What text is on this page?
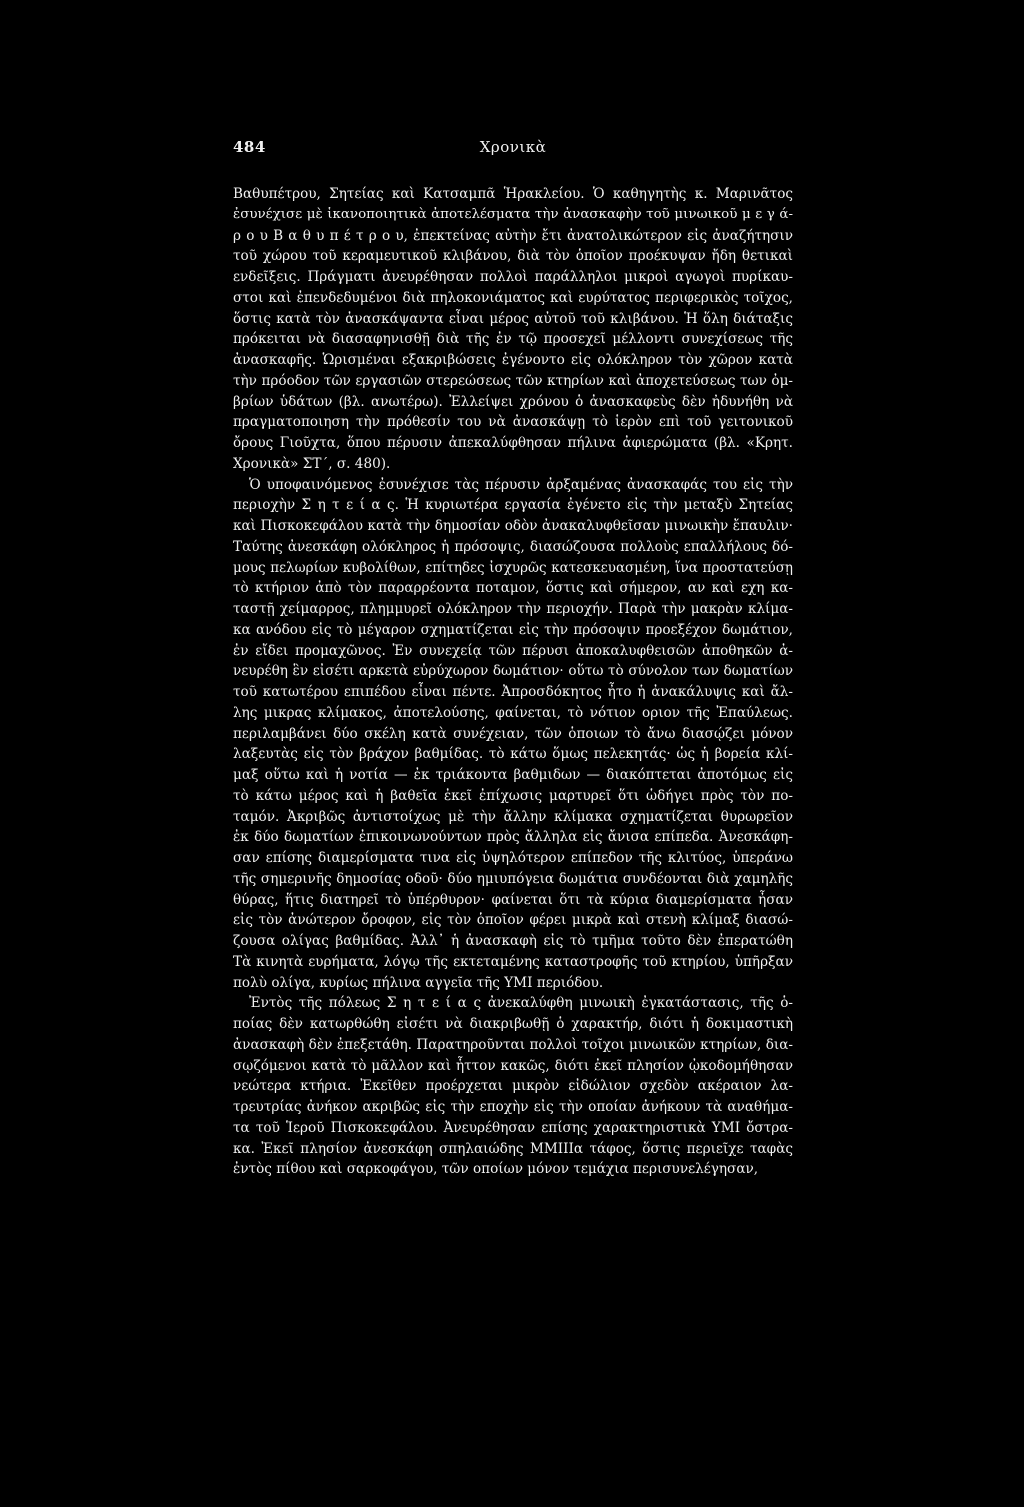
484	Χρονικὰ
Βαθυπέτρου, Σητείας καὶ Κατσαμπᾶ Ἡρακλείου. Ὁ καθηγητὴς κ. Μαρινᾶτος
ἐσυνέχισε μὲ ἱκανοποιητικὰ ἀποτελέσματα τὴν ἀνασκαφὴν τοῦ μινωικοῦ μ ε γ ά-
ρ ο υ Β α θ υ π έ τ ρ ο υ, ἐπεκτείνας αὐτὴν ἔτι ἀνατολικώτερον εἰς ἀναζήτησιν
τοῦ χώρου τοῦ κεραμευτικοῦ κλιβάνου, διὰ τὸν ὁποῖον προέκυψαν ἤδη θετικαὶ
ενδεῖξεις. Πράγματι ἀνευρέθησαν πολλοὶ παράλληλοι μικροὶ αγωγοὶ πυρίκαυ-
στοι καὶ ἐπενδεδυμένοι διὰ πηλοκονιάματος καὶ ευρύτατος περιφερικὸς τοῖχος,
ὅστις κατὰ τὸν ἀνασκάψαντα εἶναι μέρος αὐτοῦ τοῦ κλιβάνου. Ἡ ὅλη διάταξις
πρόκειται νὰ διασαφηνισθῇ διὰ τῆς ἐν τῷ προσεχεῖ μέλλοντι συνεχίσεως τῆς
ἀνασκαφῆς. Ὡρισμέναι εξακριβώσεις ἐγένοντο εἰς ολόκληρον τὸν χῶρον κατὰ
τὴν πρόοδον τῶν εργασιῶν στερεώσεως τῶν κτηρίων καὶ ἀποχετεύσεως των ὀμ-
βρίων ὑδάτων (βλ. ανωτέρω). Ἐλλείψει χρόνου ὁ ἀνασκαφεὺς δὲν ἠδυνήθη νὰ
πραγματοποιηση τὴν πρόθεσίν του νὰ ἀνασκάψῃ τὸ ἱερὸν επὶ τοῦ γειτονικοῦ
ὄρους Γιοῦχτα, ὅπου πέρυσιν ἀπεκαλύφθησαν πήλινα ἀφιερώματα (βλ. «Κρητ.
Χρονικὰ» ΣΤ΄, σ. 480).
Ὁ υποφαινόμενος ἐσυνέχισε τὰς πέρυσιν ἀρξαμένας ἀνασκαφάς του εἰς τὴν
περιοχὴν Σ η τ ε ί α ς. Ἡ κυριωτέρα εργασία ἐγένετο εἰς τὴν μεταξὺ Σητείας
καὶ Πισκοκεφάλου κατὰ τὴν δημοσίαν οδὸν ἀνακαλυφθεῖσαν μινωικὴν ἔπαυλιν·
Ταύτης ἀνεσκάφη ολόκληρος ἡ πρόσοψις, διασώζουσα πολλοὺς επαλλήλους δό-
μους πελωρίων κυβολίθων, επίτηδες ἰσχυρῶς κατεσκευασμένη, ἵνα προστατεύσῃ
τὸ κτήριον ἀπὸ τὸν παραρρέοντα ποταμον, ὅστις καὶ σήμερον, αν καὶ εχη κα-
ταστῇ χείμαρρος, πλημμυρεῖ ολόκληρον τὴν περιοχήν. Παρὰ τὴν μακρὰν κλίμα-
κα ανόδου εἰς τὸ μέγαρον σχηματίζεται εἰς τὴν πρόσοψιν προεξέχον δωμάτιον,
ἐν εἴδει προμαχῶνος. Ἐν συνεχείᾳ τῶν πέρυσι ἀποκαλυφθεισῶν ἀποθηκῶν ἀ-
νευρέθη ἓν εἰσέτι αρκετὰ εὐρύχωρον δωμάτιον· οὕτω τὸ σύνολον των δωματίων
τοῦ κατωτέρου επιπέδου εἶναι πέντε. Ἀπροσδόκητος ἦτο ἡ ἀνακάλυψις καὶ ἄλ-
λης μικρας κλίμακος, ἀποτελούσης, φαίνεται, τὸ νότιον οριον τῆς Ἐπαύλεως.
περιλαμβάνει δύο σκέλη κατὰ συνέχειαν, τῶν ὁποιων τὸ ἄνω διασῴζει μόνον
λαξευτὰς εἰς τὸν βράχον βαθμίδας. τὸ κάτω ὅμως πελεκητάς· ὡς ἡ βορεία κλί-
μαξ οὕτω καὶ ἡ νοτία — ἐκ τριάκοντα βαθμιδων — διακόπτεται ἀποτόμως εἰς
τὸ κάτω μέρος καὶ ἡ βαθεῖα ἐκεῖ ἐπίχωσις μαρτυρεῖ ὅτι ὡδήγει πρὸς τὸν πο-
ταμόν. Ἀκριβῶς ἀντιστοίχως μὲ τὴν ἄλλην κλίμακα σχηματίζεται θυρωρεῖον
ἐκ δύο δωματίων ἐπικοινωνούντων πρὸς ἄλληλα εἰς ἄνισα επίπεδα. Ἀνεσκάφη-
σαν επίσης διαμερίσματα τινα εἰς ὑψηλότερον επίπεδον τῆς κλιτύος, ὑπεράνω
τῆς σημερινῆς δημοσίας οδοῦ· δύο ημιυπόγεια δωμάτια συνδέονται διὰ χαμηλῆς
θύρας, ἥτις διατηρεῖ τὸ ὑπέρθυρον· φαίνεται ὅτι τὰ κύρια διαμερίσματα ἦσαν
εἰς τὸν ἀνώτερον ὄροφον, εἰς τὸν ὁποῖον φέρει μικρὰ καὶ στενὴ κλίμαξ διασώ-
ζουσα ολίγας βαθμίδας. Ἀλλ᾽ ἡ ἀνασκαφὴ εἰς τὸ τμῆμα τοῦτο δὲν ἐπερατώθη
Τὰ κινητὰ ευρήματα, λόγῳ τῆς εκτεταμένης καταστροφῆς τοῦ κτηρίου, ὑπῆρξαν
πολὺ ολίγα, κυρίως πήλινα αγγεῖα τῆς ΥΜΙ περιόδου.
Ἐντὸς τῆς πόλεως Σ η τ ε ί α ς ἀνεκαλύφθη μινωικὴ ἐγκατάστασις, τῆς ὁ-
ποίας δὲν κατωρθώθη εἰσέτι νὰ διακριβωθῇ ὁ χαρακτήρ, διότι ἡ δοκιμαστικὴ
ἀνασκαφὴ δὲν ἐπεξετάθη. Παρατηροῦνται πολλοὶ τοῖχοι μινωικῶν κτηρίων, δια-
σῳζόμενοι κατὰ τὸ μᾶλλον καὶ ἧττον κακῶς, διότι ἐκεῖ πλησίον ᾠκοδομήθησαν
νεώτερα κτήρια. Ἐκεῖθεν προέρχεται μικρὸν εἰδώλιον σχεδὸν ακέραιον λα-
τρευτρίας ἀνήκον ακριβῶς εἰς τὴν εποχὴν εἰς τὴν οποίαν ἀνήκουν τὰ αναθήμα-
τα τοῦ Ἱεροῦ Πισκοκεφάλου. Ἀνευρέθησαν επίσης χαρακτηριστικὰ ΥΜΙ ὄστρα-
κα. Ἐκεῖ πλησίον ἀνεσκάφη σπηλαιώδης ΜΜΙΙΙα τάφος, ὅστις περιεῖχε ταφὰς
ἐντὸς πίθου καὶ σαρκοφάγου, τῶν οποίων μόνον τεμάχια περισυνελέγησαν,
